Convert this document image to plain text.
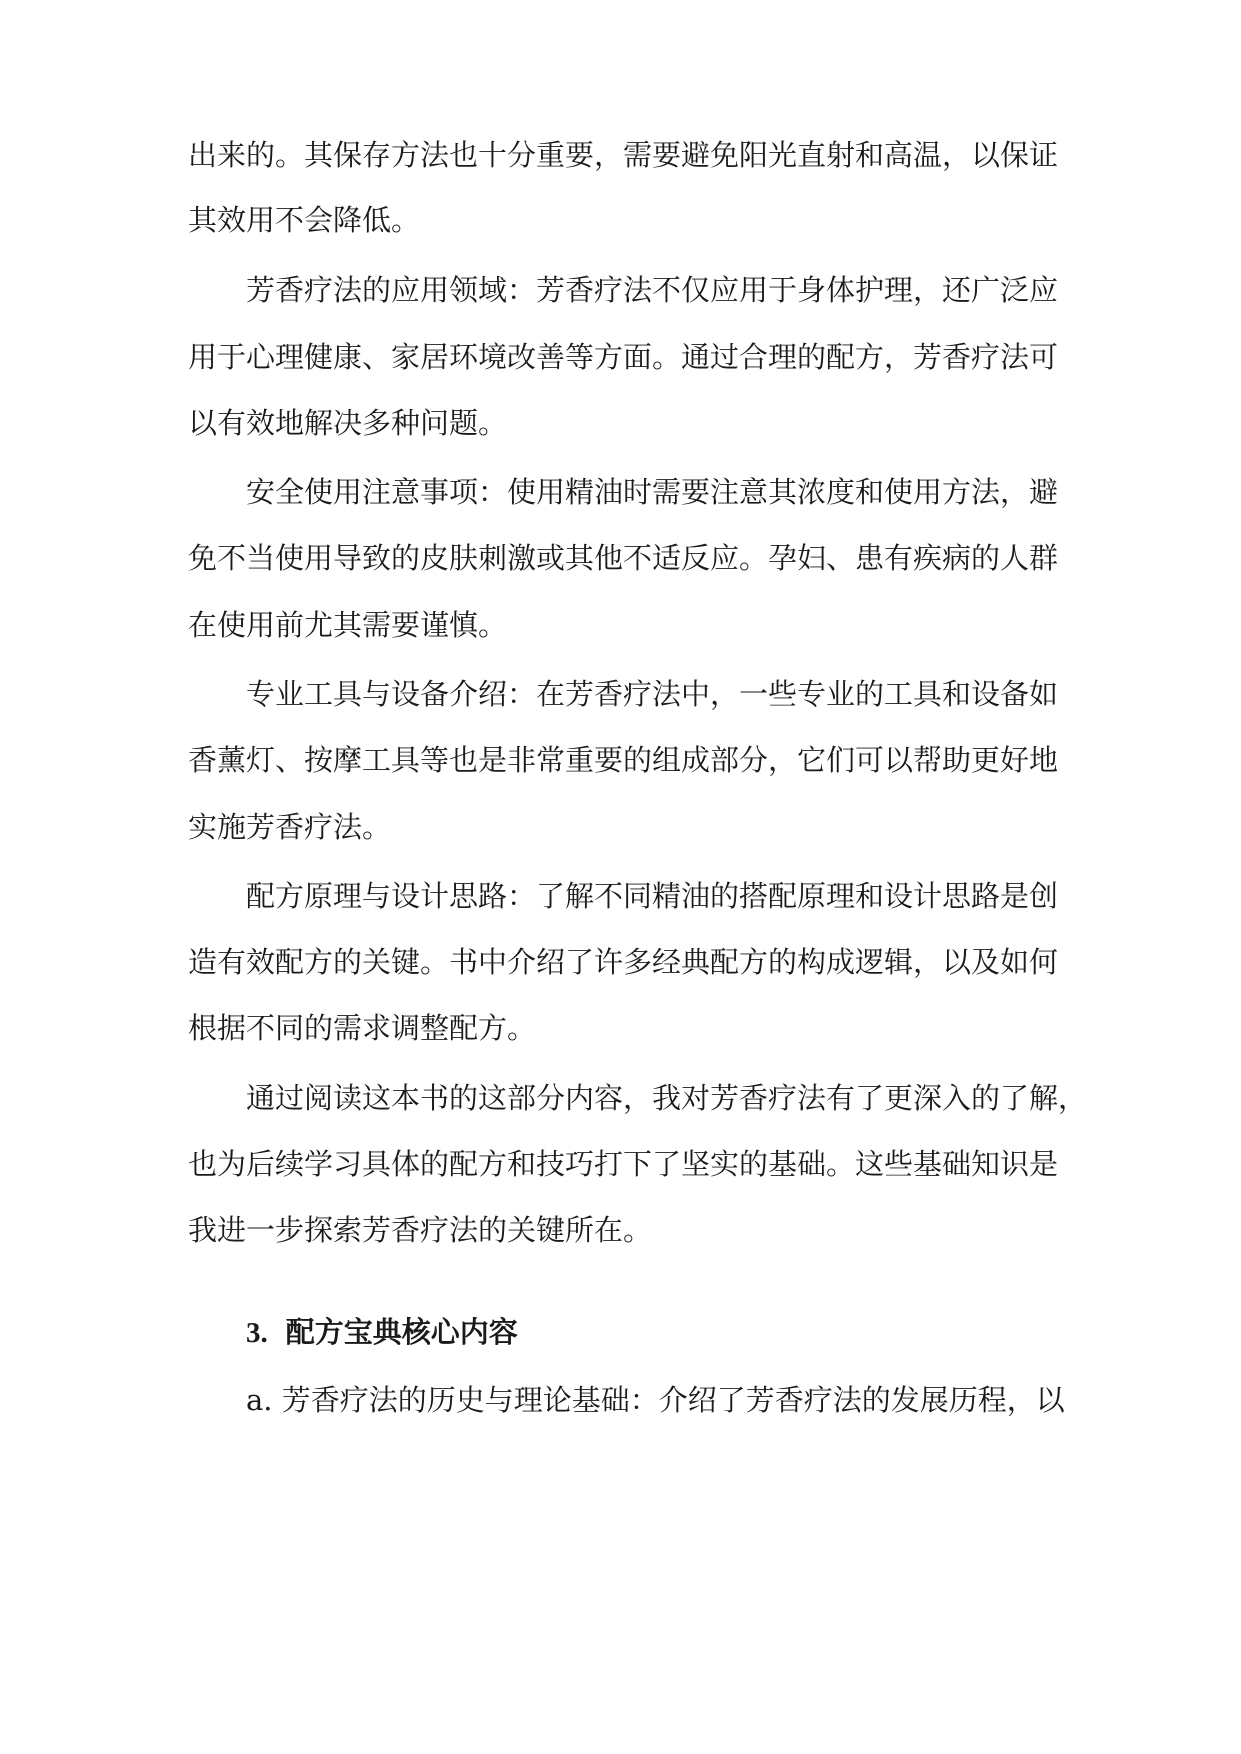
出来的。其保存方法也十分重要，需要避免阳光直射和高温，以保证
其效用不会降低。
芳香疗法的应用领域：芳香疗法不仅应用于身体护理，还广泛应
用于心理健康、家居环境改善等方面。通过合理的配方，芳香疗法可
以有效地解决多种问题。
安全使用注意事项：使用精油时需要注意其浓度和使用方法，避
免不当使用导致的皮肤刺激或其他不适反应。孕妇、患有疾病的人群
在使用前尤其需要谨慎。
专业工具与设备介绍：在芳香疗法中，一些专业的工具和设备如
香薰灯、按摩工具等也是非常重要的组成部分，它们可以帮助更好地
实施芳香疗法。
配方原理与设计思路：了解不同精油的搭配原理和设计思路是创
造有效配方的关键。书中介绍了许多经典配方的构成逻辑，以及如何
根据不同的需求调整配方。
通过阅读这本书的这部分内容，我对芳香疗法有了更深入的了解，
也为后续学习具体的配方和技巧打下了坚实的基础。这些基础知识是
我进一步探索芳香疗法的关键所在。
3. 配方宝典核心内容
a. 芳香疗法的历史与理论基础：介绍了芳香疗法的发展历程，以
